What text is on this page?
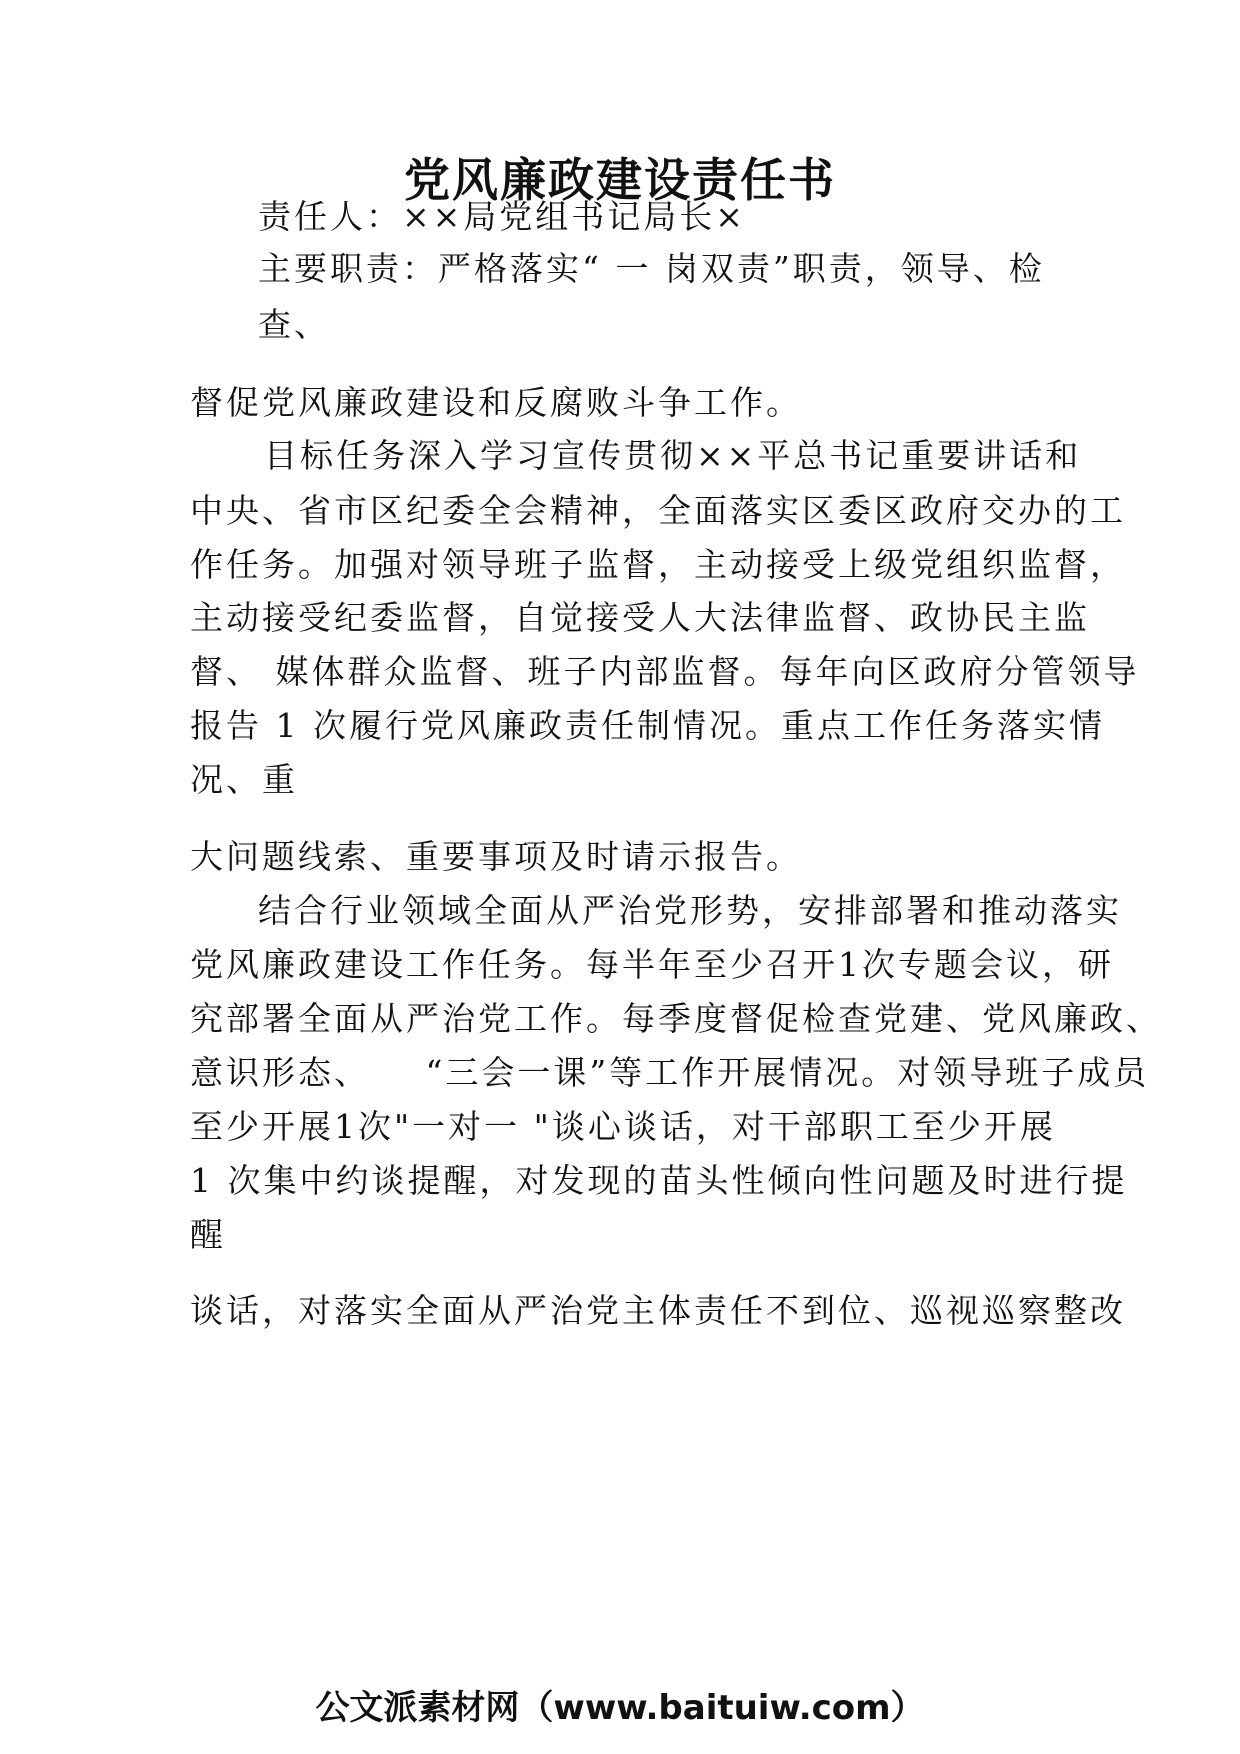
党风廉政建设责任书
责任人：××局党组书记局长×
主要职责：严格落实“ 一 岗双责”职责，领导、检
查、
督促党风廉政建设和反腐败斗争工作。
目标任务深入学习宣传贯彻××平总书记重要讲话和
中央、省市区纪委全会精神，全面落实区委区政府交办的工
作任务。加强对领导班子监督，主动接受上级党组织监督，
主动接受纪委监督，自觉接受人大法律监督、政协民主监
督、 媒体群众监督、班子内部监督。每年向区政府分管领导
报告 1 次履行党风廉政责任制情况。重点工作任务落实情
况、重
大问题线索、重要事项及时请示报告。
结合行业领域全面从严治党形势，安排部署和推动落实
党风廉政建设工作任务。每半年至少召开1次专题会议，研
究部署全面从严治党工作。每季度督促检查党建、党风廉政、
意识形态、　　“三会一课”等工作开展情况。对领导班子成员
至少开展1次"一对一 "谈心谈话，对干部职工至少开展
1 次集中约谈提醒，对发现的苗头性倾向性问题及时进行提
醒
谈话，对落实全面从严治党主体责任不到位、巡视巡察整改
公文派素材网（www.baituiw.com）
